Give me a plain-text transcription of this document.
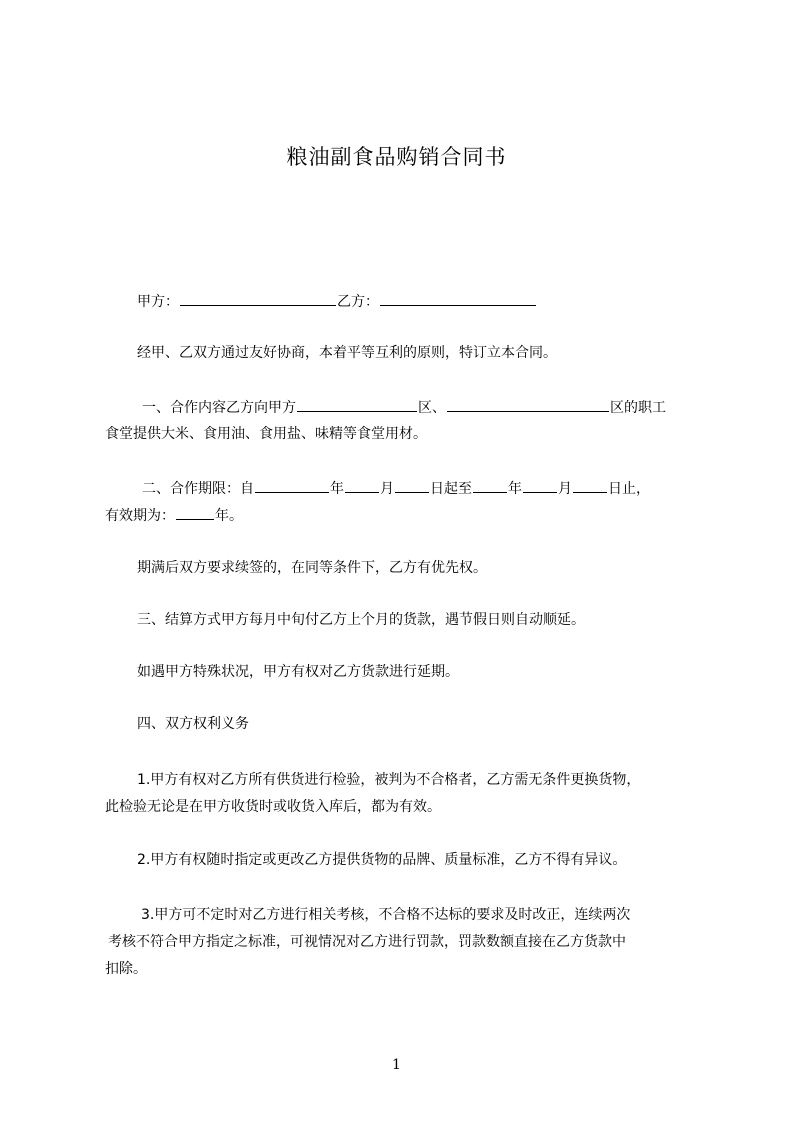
粮油副食品购销合同书
甲方：	乙方：
经甲、乙双方通过友好协商，本着平等互利的原则，特订立本合同。
一、合作内容乙方向甲方	区、	区的职工
食堂提供大米、食用油、食用盐、味精等食堂用材。
二、合作期限：自	年	月	日起至	年	月	日止，
有效期为：	年。
期满后双方要求续签的，在同等条件下，乙方有优先权。
三、结算方式甲方每月中旬付乙方上个月的货款，遇节假日则自动顺延。
如遇甲方特殊状况，甲方有权对乙方货款进行延期。
四、双方权利义务
1.甲方有权对乙方所有供货进行检验，被判为不合格者，乙方需无条件更换货物，
此检验无论是在甲方收货时或收货入库后，都为有效。
2.甲方有权随时指定或更改乙方提供货物的品牌、质量标准，乙方不得有异议。
3.甲方可不定时对乙方进行相关考核，不合格不达标的要求及时改正，连续两次
考核不符合甲方指定之标准，可视情况对乙方进行罚款，罚款数额直接在乙方货款中
扣除。
1
